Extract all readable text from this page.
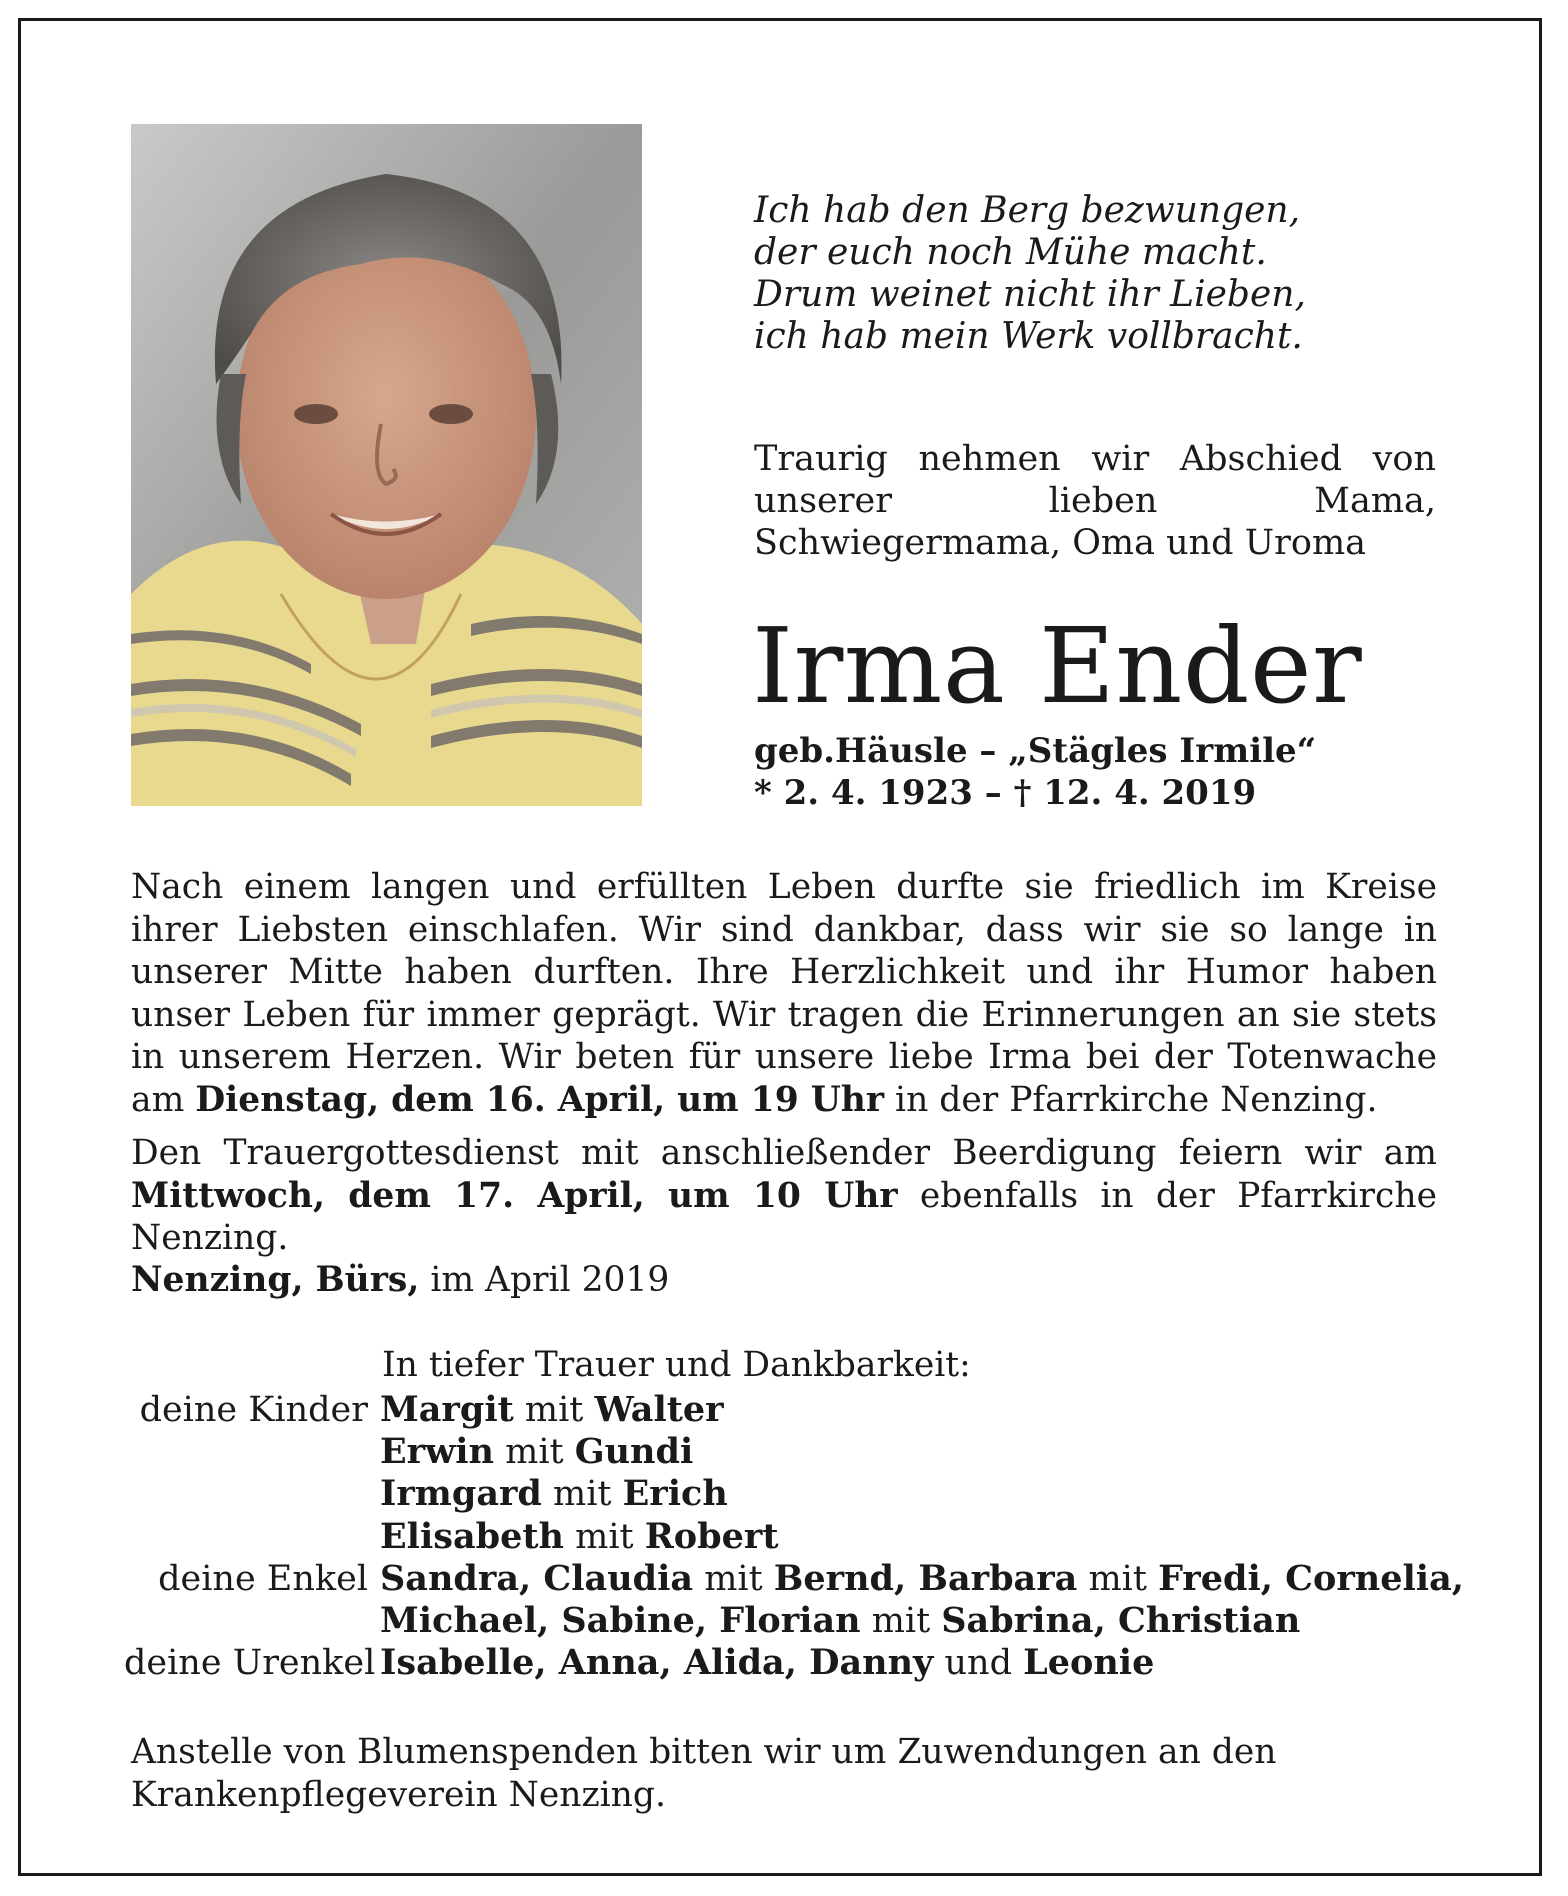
Ich hab den Berg bezwungen,
der euch noch Mühe macht.
Drum weinet nicht ihr Lieben,
ich hab mein Werk vollbracht.
Traurig nehmen wir Abschied von unserer lieben Mama, Schwiegermama, Oma und Uroma
Irma Ender
geb.Häusle – „Stägles Irmile“
* 2. 4. 1923 – † 12. 4. 2019
Nach einem langen und erfüllten Leben durfte sie friedlich im Kreise ihrer Liebsten einschlafen. Wir sind dankbar, dass wir sie so lange in unserer Mitte haben durften. Ihre Herzlichkeit und ihr Humor haben unser Leben für immer geprägt. Wir tragen die Erinnerungen an sie stets in unserem Herzen. Wir beten für unsere liebe Irma bei der Totenwache am Dienstag, dem 16. April, um 19 Uhr in der Pfarrkirche Nenzing.
Den Trauergottesdienst mit anschließender Beerdigung feiern wir am Mittwoch, dem 17. April, um 10 Uhr ebenfalls in der Pfarrkirche Nenzing.
Nenzing, Bürs, im April 2019
In tiefer Trauer und Dankbarkeit:
deine Kinder Margit mit Walter
Erwin mit Gundi
Irmgard mit Erich
Elisabeth mit Robert
deine Enkel Sandra, Claudia mit Bernd, Barbara mit Fredi, Cornelia,
Michael, Sabine, Florian mit Sabrina, Christian
deine Urenkel Isabelle, Anna, Alida, Danny und Leonie
Anstelle von Blumenspenden bitten wir um Zuwendungen an den Krankenpflegeverein Nenzing.
